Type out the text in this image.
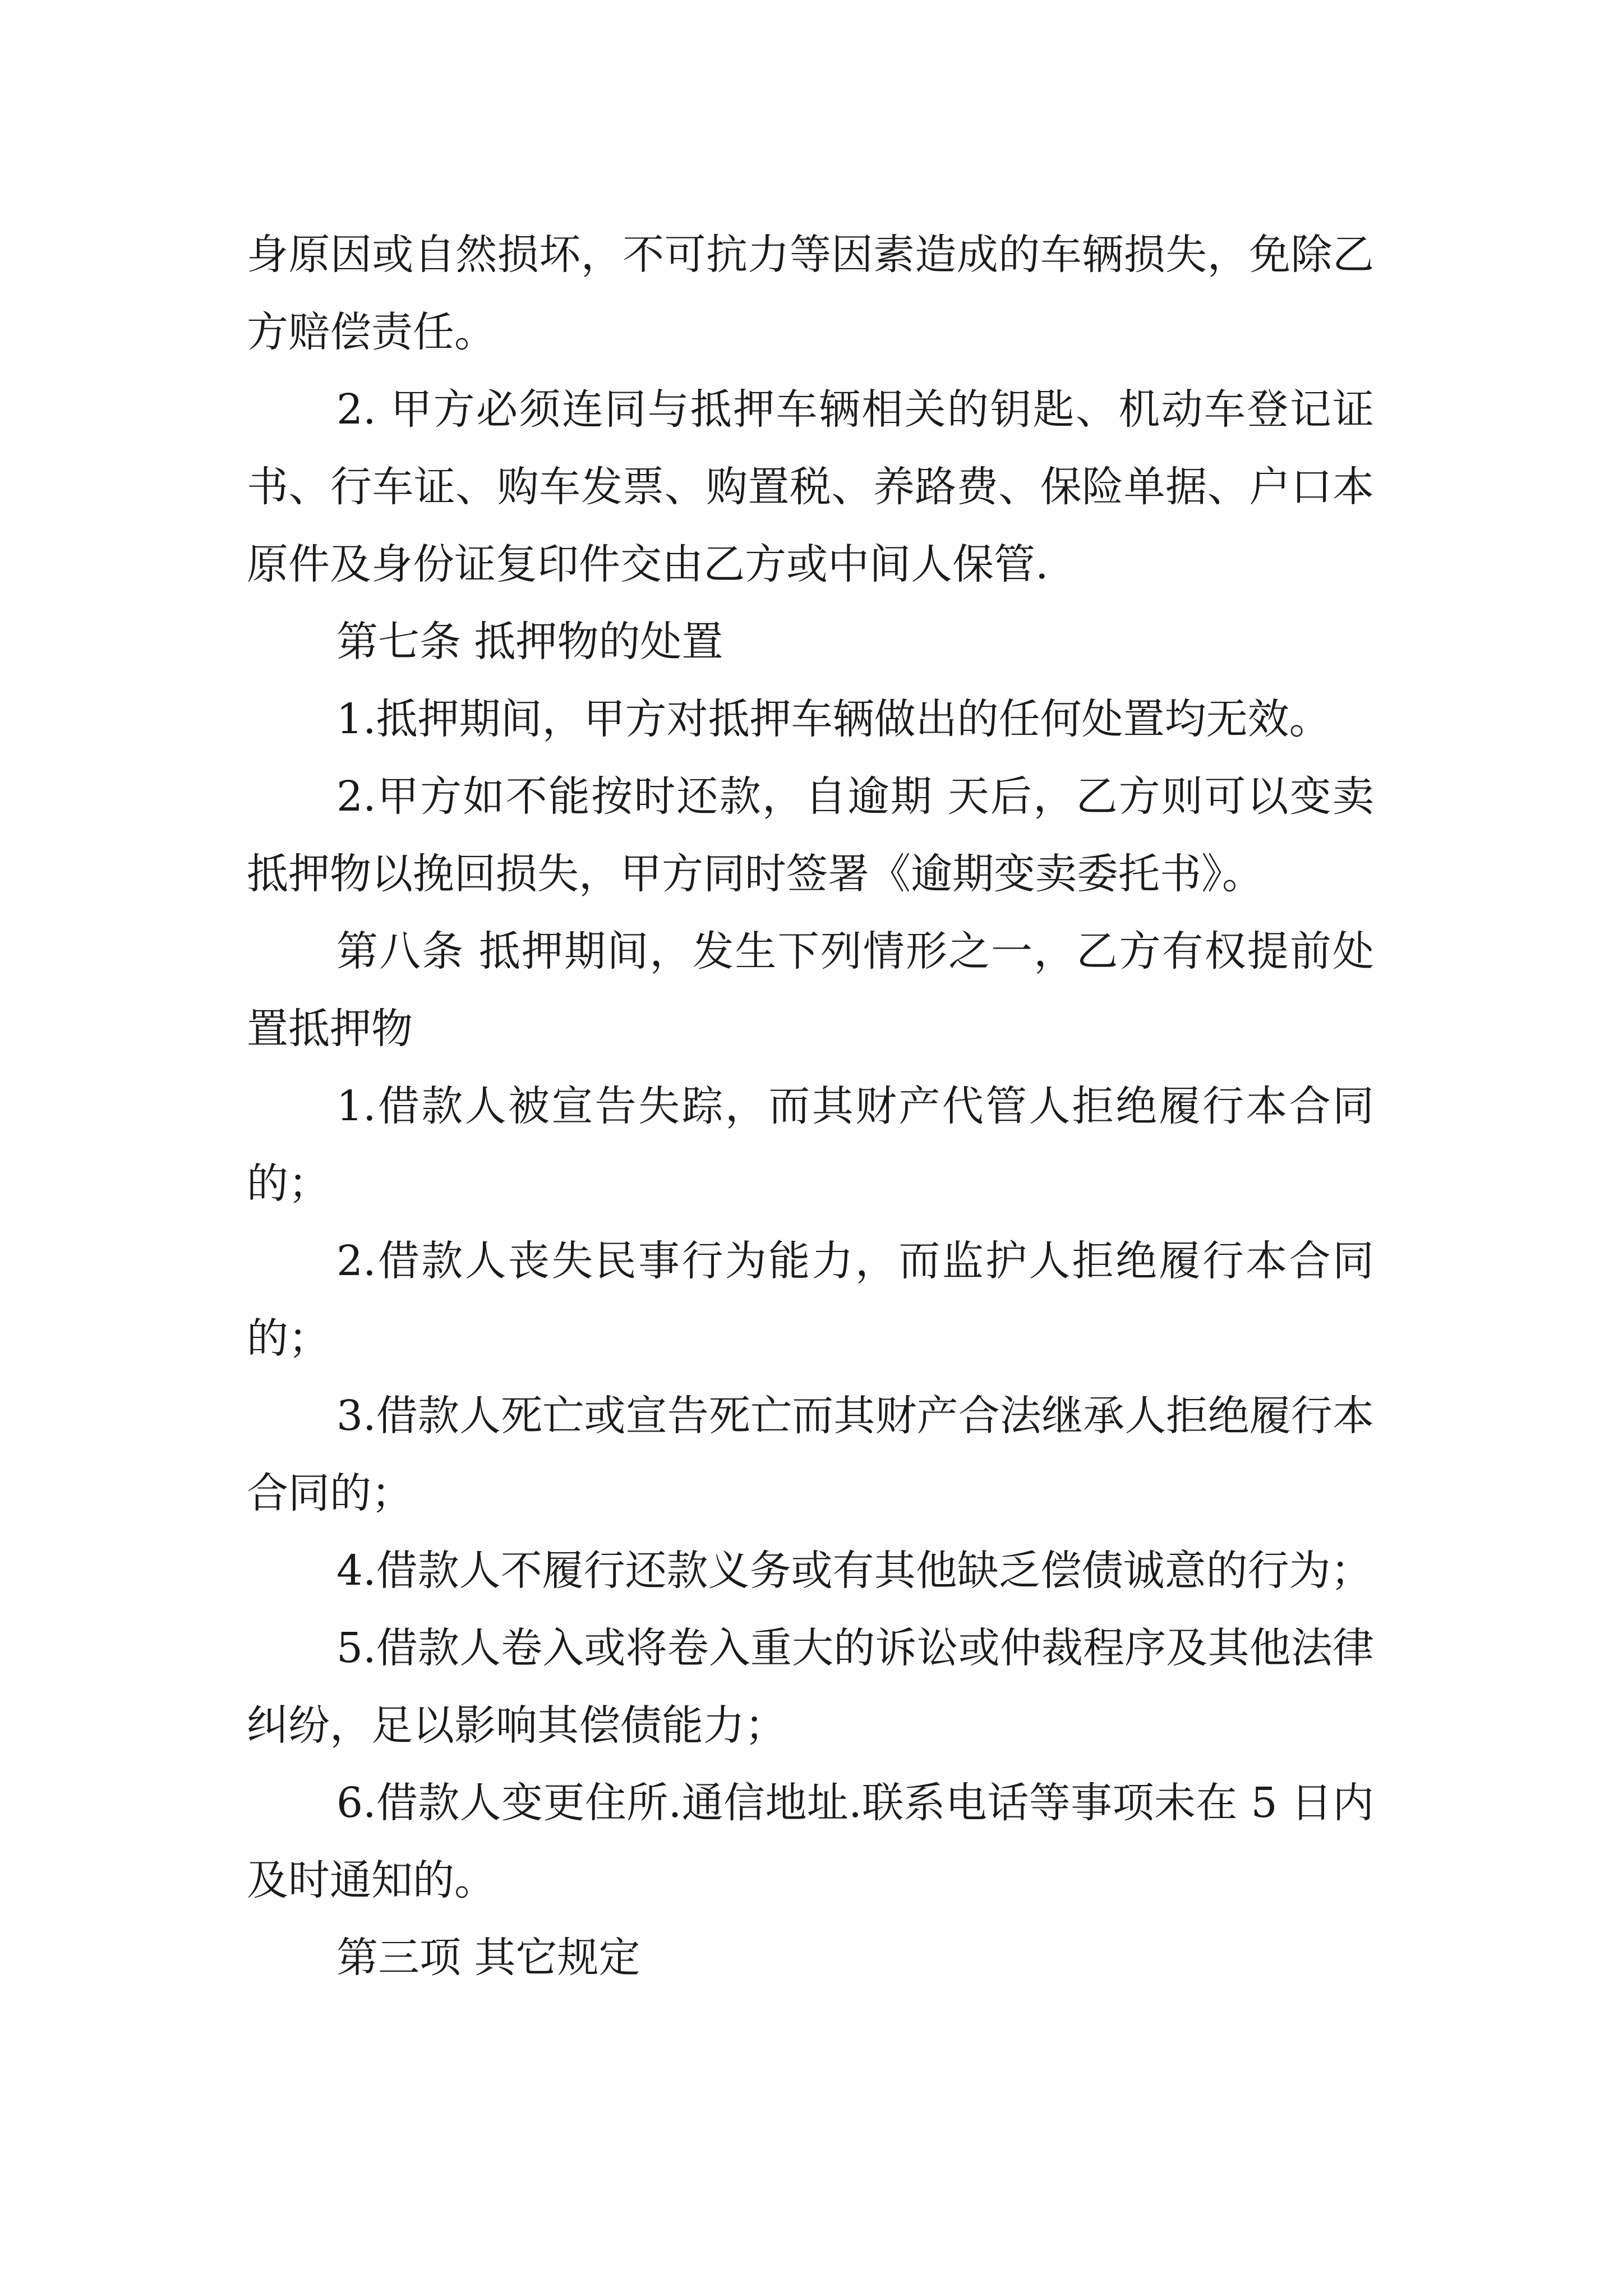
身原因或自然损坏，不可抗力等因素造成的车辆损失，免除乙方赔偿责任。

2. 甲方必须连同与抵押车辆相关的钥匙、机动车登记证书、行车证、购车发票、购置税、养路费、保险单据、户口本原件及身份证复印件交由乙方或中间人保管.

第七条 抵押物的处置

1.抵押期间，甲方对抵押车辆做出的任何处置均无效。

2.甲方如不能按时还款，自逾期 天后，乙方则可以变卖抵押物以挽回损失，甲方同时签署《逾期变卖委托书》。

第八条 抵押期间，发生下列情形之一，乙方有权提前处置抵押物

1.借款人被宣告失踪，而其财产代管人拒绝履行本合同的；

2.借款人丧失民事行为能力，而监护人拒绝履行本合同的；

3.借款人死亡或宣告死亡而其财产合法继承人拒绝履行本合同的；

4.借款人不履行还款义务或有其他缺乏偿债诚意的行为；

5.借款人卷入或将卷入重大的诉讼或仲裁程序及其他法律纠纷，足以影响其偿债能力；

6.借款人变更住所.通信地址.联系电话等事项未在 5 日内及时通知的。

第三项 其它规定
